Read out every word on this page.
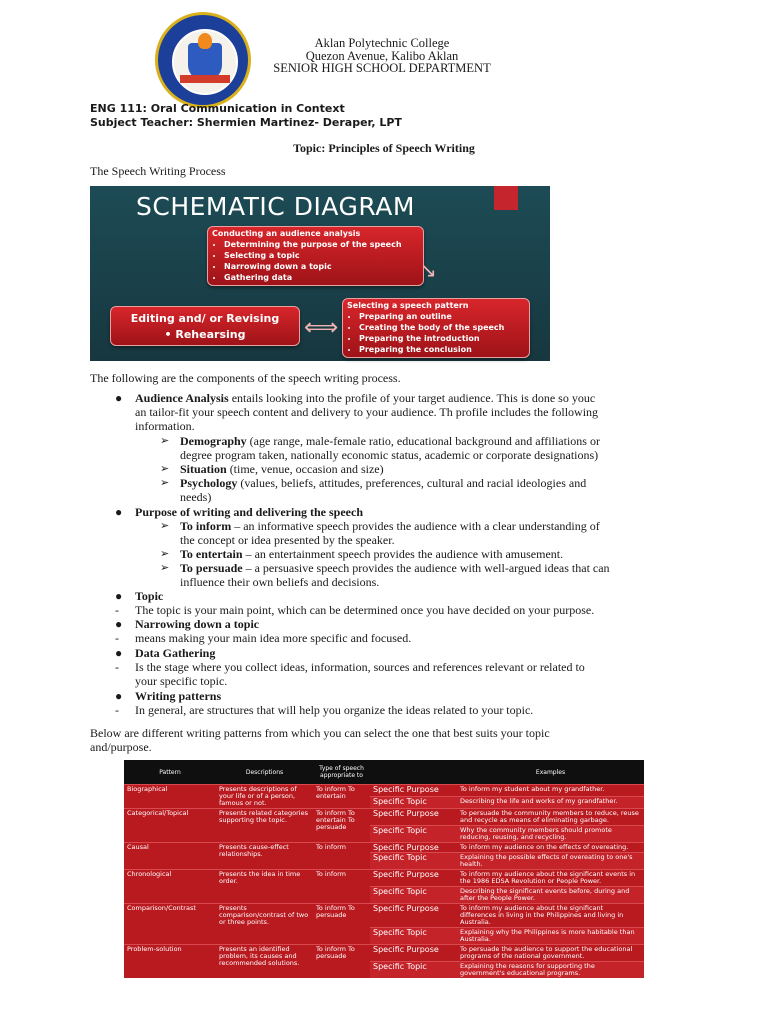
Aklan Polytechnic College
Quezon Avenue, Kalibo Aklan
SENIOR HIGH SCHOOL DEPARTMENT
ENG 111: Oral Communication in Context
Subject Teacher: Shermien Martinez- Deraper, LPT
Topic: Principles of Speech Writing
The Speech Writing Process
SCHEMATIC DIAGRAM
Conducting an audience analysis
• Determining the purpose of the speech
• Selecting a topic
• Narrowing down a topic
• Gathering data	↘
Selecting a speech pattern
• Preparing an outline
• Creating the body of the speech
• Preparing the introduction
• Preparing the conclusion
⟺
Editing and/ or Revising
• Rehearsing
The following are the components of the speech writing process.
● Audience Analysis entails looking into the profile of your target audience. This is done so youc
an tailor-fit your speech content and delivery to your audience. Th profile includes the following
information.
➢ Demography (age range, male-female ratio, educational background and affiliations or
degree program taken, nationally economic status, academic or corporate designations)
➢ Situation (time, venue, occasion and size)
➢ Psychology (values, beliefs, attitudes, preferences, cultural and racial ideologies and
needs)
● Purpose of writing and delivering the speech
➢ To inform – an informative speech provides the audience with a clear understanding of
the concept or idea presented by the speaker.
➢ To entertain – an entertainment speech provides the audience with amusement.
➢ To persuade – a persuasive speech provides the audience with well-argued ideas that can
influence their own beliefs and decisions.
● Topic
- The topic is your main point, which can be determined once you have decided on your purpose.
● Narrowing down a topic
- means making your main idea more specific and focused.
● Data Gathering
- Is the stage where you collect ideas, information, sources and references relevant or related to
your specific topic.
● Writing patterns
- In general, are structures that will help you organize the ideas related to your topic.
Below are different writing patterns from which you can select the one that best suits your topic
and/purpose.
Pattern	Descriptions	Type of speech appropriate to		Examples
Biographical	Presents descriptions of your life or of a person, famous or not.	To inform To entertain	Specific Purpose	To inform my student about my grandfather.
			Specific Topic	Describing the life and works of my grandfather.
Categorical/Topical	Presents related categories supporting the topic.	To inform To entertain To persuade	Specific Purpose	To persuade the community members to reduce, reuse and recycle as means of eliminating garbage.
			Specific Topic	Why the community members should promote reducing, reusing, and recycling.
Causal	Presents cause-effect relationships.	To inform	Specific Purpose	To inform my audience on the effects of overeating.
			Specific Topic	Explaining the possible effects of overeating to one's health.
Chronological	Presents the idea in time order.	To inform	Specific Purpose	To inform my audience about the significant events in the 1986 EDSA Revolution or People Power.
			Specific Topic	Describing the significant events before, during and after the People Power.
Comparison/Contrast	Presents comparison/contrast of two or three points.	To inform To persuade	Specific Purpose	To inform my audience about the significant differences in living in the Philippines and living in Australia.
			Specific Topic	Explaining why the Philippines is more habitable than Australia.
Problem-solution	Presents an identified problem, its causes and recommended solutions.	To inform To persuade	Specific Purpose	To persuade the audience to support the educational programs of the national government.
			Specific Topic	Explaining the reasons for supporting the government's educational programs.
